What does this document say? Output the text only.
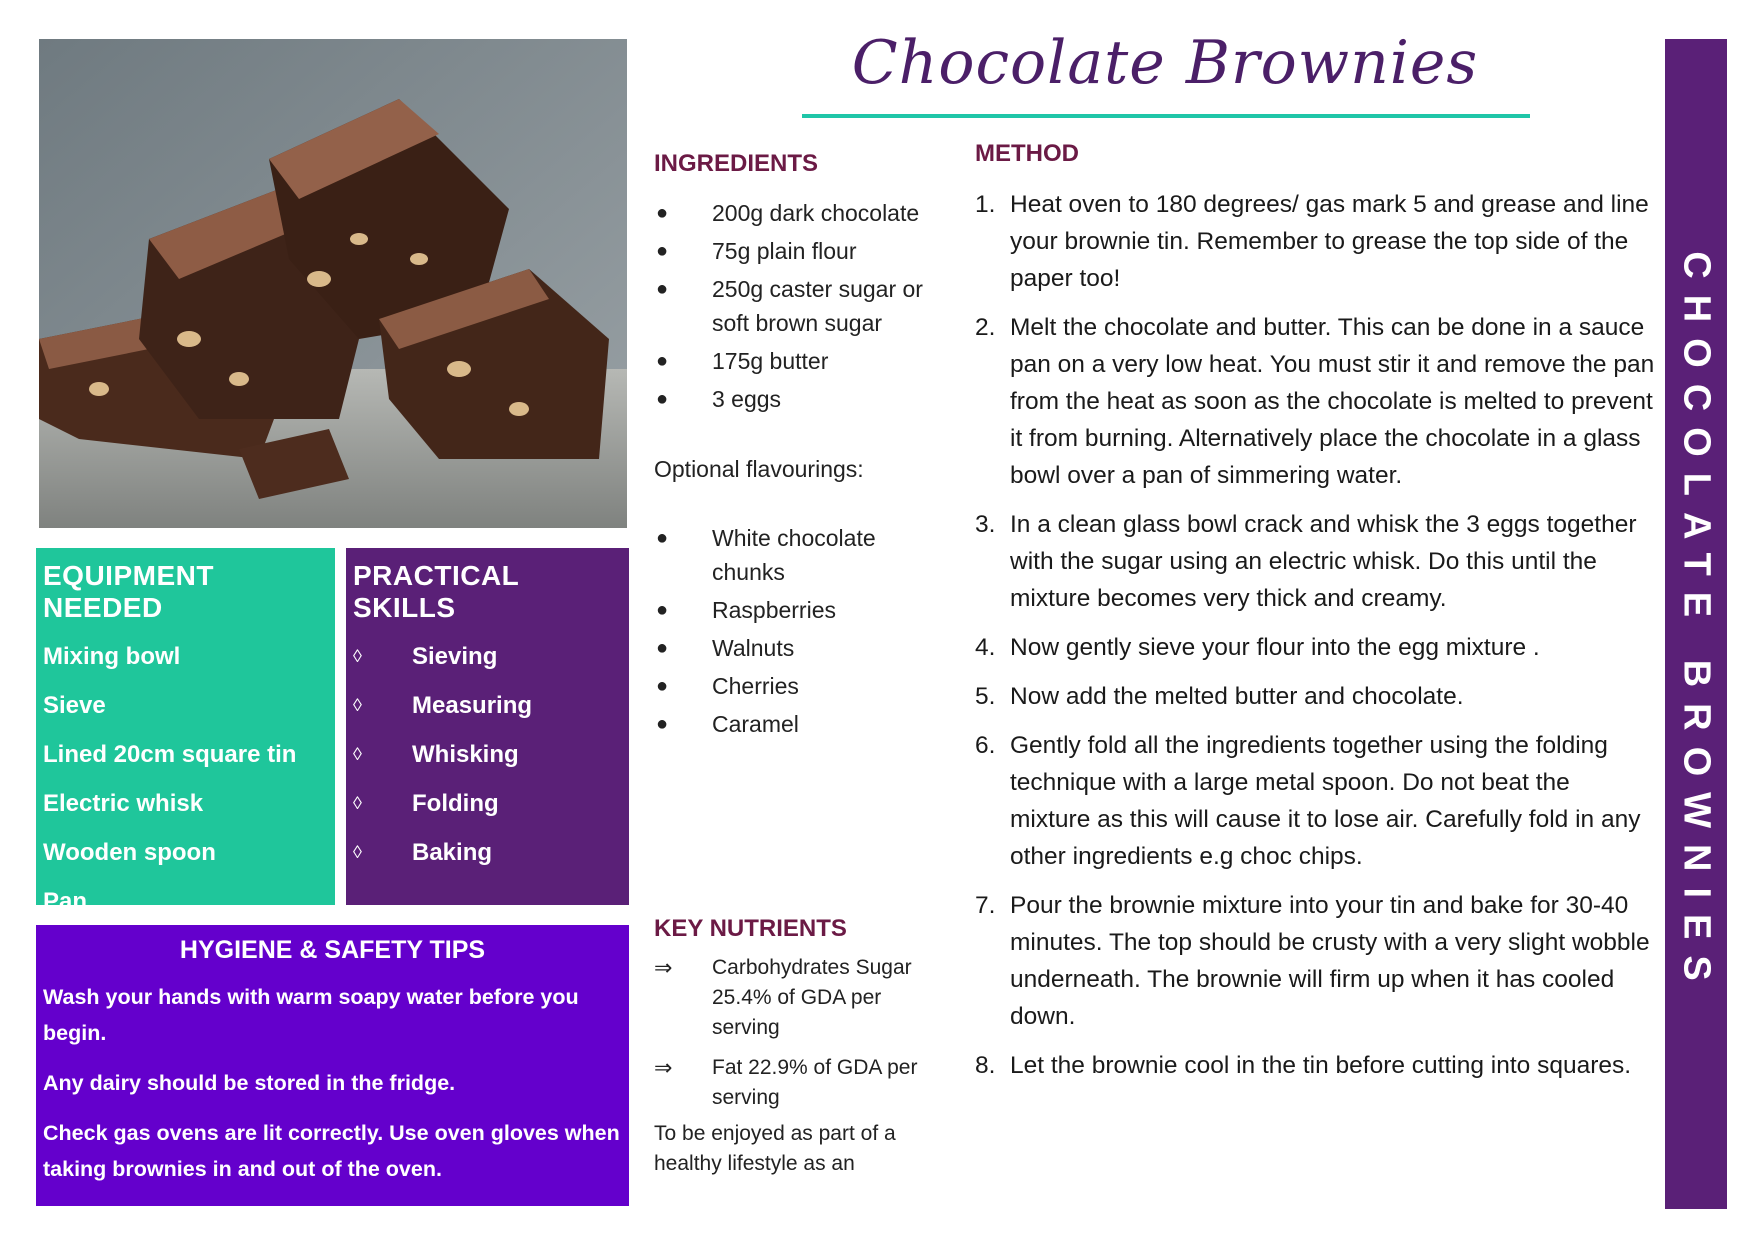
Chocolate Brownies
CHOCOLATE BROWNIES
INGREDIENTS
● 200g dark chocolate
● 75g plain flour
● 250g caster sugar or soft brown sugar
● 175g butter
● 3 eggs
Optional flavourings:
● White chocolate chunks
● Raspberries
● Walnuts
● Cherries
● Caramel
KEY NUTRIENTS
⇒ Carbohydrates Sugar 25.4% of GDA per serving
⇒ Fat 22.9% of GDA per serving
To be enjoyed as part of a healthy lifestyle as an
METHOD
1. Heat oven to 180 degrees/ gas mark 5 and grease and line your brownie tin. Remember to grease the top side of the paper too!
2. Melt the chocolate and butter. This can be done in a sauce pan on a very low heat. You must stir it and remove the pan from the heat as soon as the chocolate is melted to prevent it from burning. Alternatively place the chocolate in a glass bowl over a pan of simmering water.
3. In a clean glass bowl crack and whisk the 3 eggs together with the sugar using an electric whisk. Do this until the mixture becomes very thick and creamy.
4. Now gently sieve your flour into the egg mixture .
5. Now add the melted butter and chocolate.
6. Gently fold all the ingredients together using the folding technique with a large metal spoon. Do not beat the mixture as this will cause it to lose air. Carefully fold in any other ingredients e.g choc chips.
7. Pour the brownie mixture into your tin and bake for 30-40 minutes. The top should be crusty with a very slight wobble underneath. The brownie will firm up when it has cooled down.
8. Let the brownie cool in the tin before cutting into squares.
EQUIPMENT NEEDED
Mixing bowl
Sieve
Lined 20cm square tin
Electric whisk
Wooden spoon
Pan
PRACTICAL SKILLS
◊ Sieving
◊ Measuring
◊ Whisking
◊ Folding
◊ Baking
HYGIENE & SAFETY TIPS

Wash your hands with warm soapy water before you begin.

Any dairy should be stored in the fridge.

Check gas ovens are lit correctly. Use oven gloves when taking brownies in and out of the oven.
